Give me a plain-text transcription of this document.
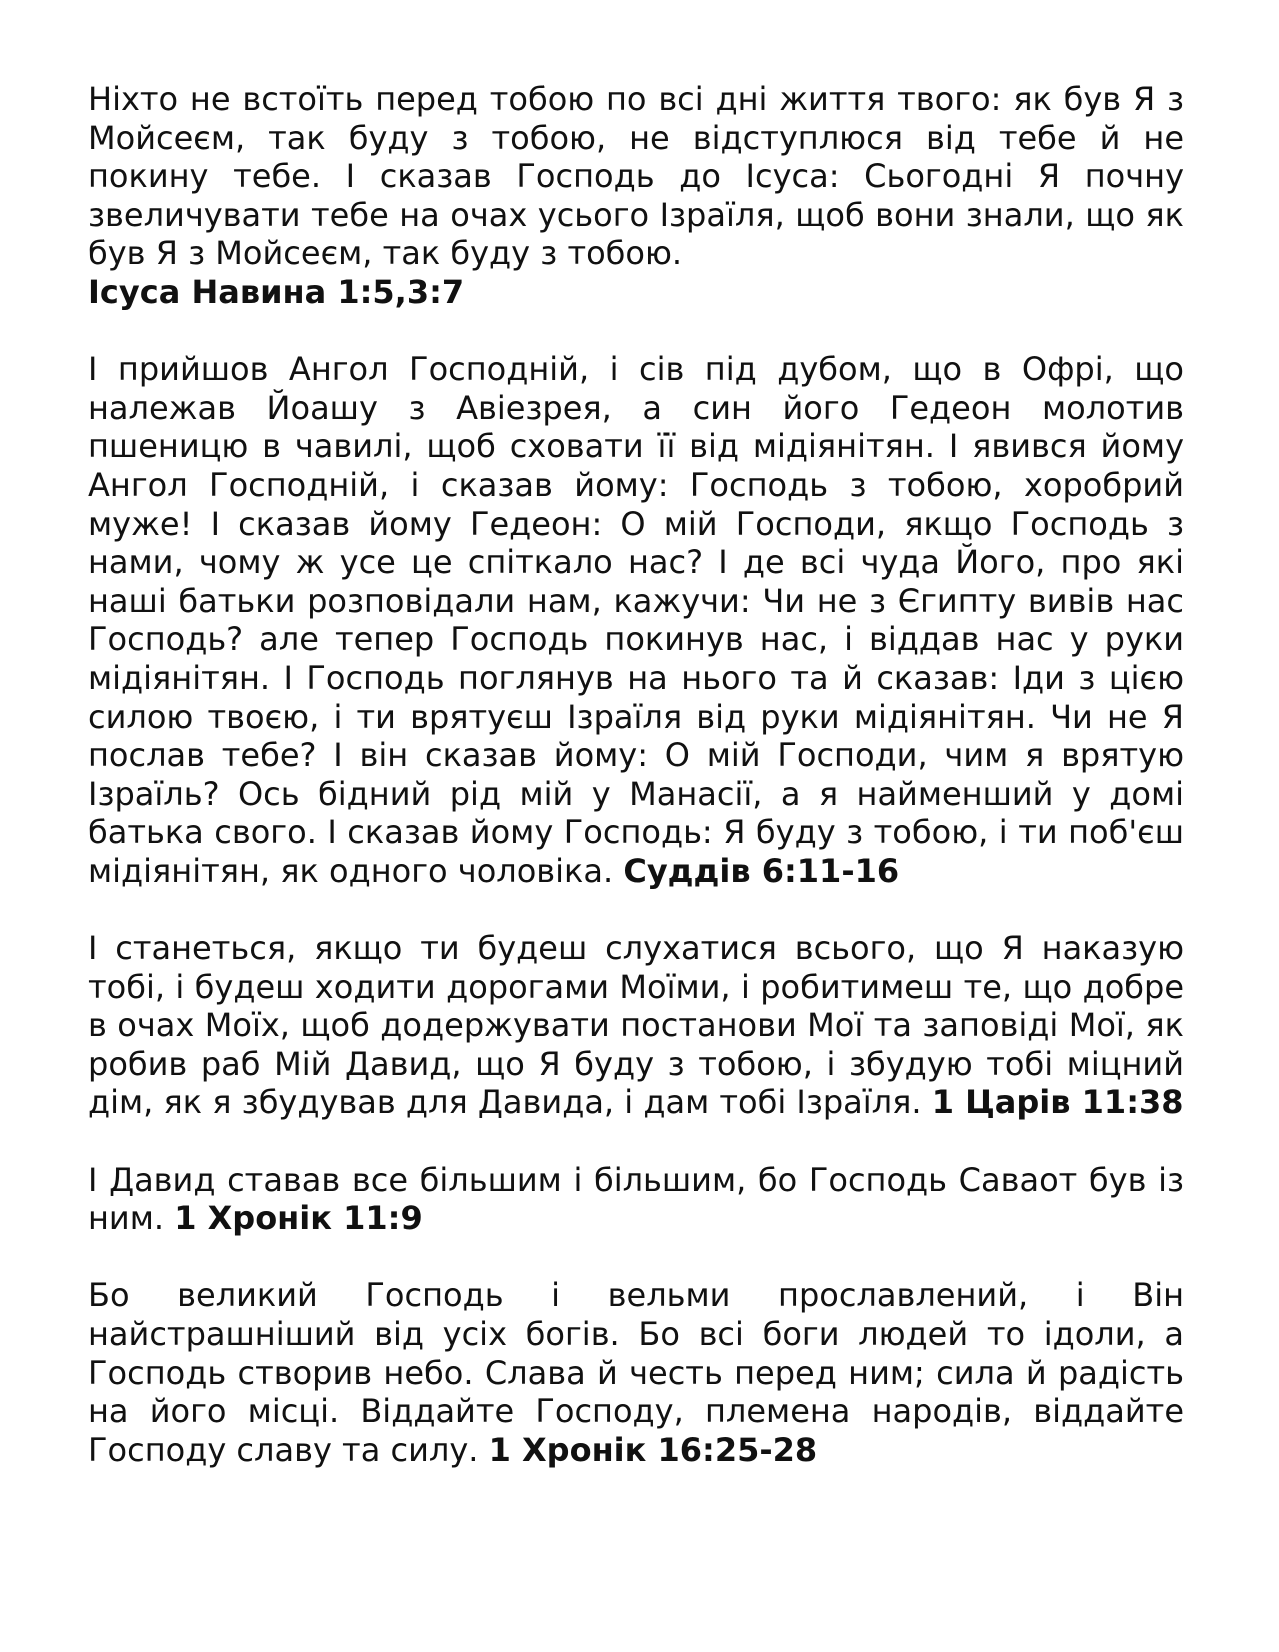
Ніхто не встоїть перед тобою по всі дні життя твого: як був Я з Мойсеєм, так буду з тобою, не відступлюся від тебе й не покину тебе. І сказав Господь до Ісуса: Сьогодні Я почну звеличувати тебе на очах усього Ізраїля, щоб вони знали, що як був Я з Мойсеєм, так буду з тобою.
Ісуса Навина 1:5,3:7

І прийшов Ангол Господній, і сів під дубом, що в Офрі, що належав Йоашу з Авіезрея, а син його Гедеон молотив пшеницю в чавилі, щоб сховати її від мідіянітян. І явився йому Ангол Господній, і сказав йому: Господь з тобою, хоробрий муже! І сказав йому Гедеон: О мій Господи, якщо Господь з нами, чому ж усе це спіткало нас? І де всі чуда Його, про які наші батьки розповідали нам, кажучи: Чи не з Єгипту вивів нас Господь? але тепер Господь покинув нас, і віддав нас у руки мідіянітян. І Господь поглянув на нього та й сказав: Іди з цією силою твоєю, і ти врятуєш Ізраїля від руки мідіянітян. Чи не Я послав тебе? І він сказав йому: О мій Господи, чим я врятую Ізраїль? Ось бідний рід мій у Манасії, а я найменший у домі батька свого. І сказав йому Господь: Я буду з тобою, і ти поб'єш мідіянітян, як одного чоловіка. Суддів 6:11-16

І станеться, якщо ти будеш слухатися всього, що Я наказую тобі, і будеш ходити дорогами Моїми, і робитимеш те, що добре в очах Моїх, щоб додержувати постанови Мої та заповіді Мої, як робив раб Мій Давид, що Я буду з тобою, і збудую тобі міцний дім, як я збудував для Давида, і дам тобі Ізраїля. 1 Царів 11:38

І Давид ставав все більшим і більшим, бо Господь Саваот був із ним. 1 Хронік 11:9

Бо великий Господь і вельми прославлений, і Він найстрашніший від усіх богів. Бо всі боги людей то ідоли, а Господь створив небо. Слава й честь перед ним; сила й радість на його місці. Віддайте Господу, племена народів, віддайте Господу славу та силу. 1 Хронік 16:25-28
